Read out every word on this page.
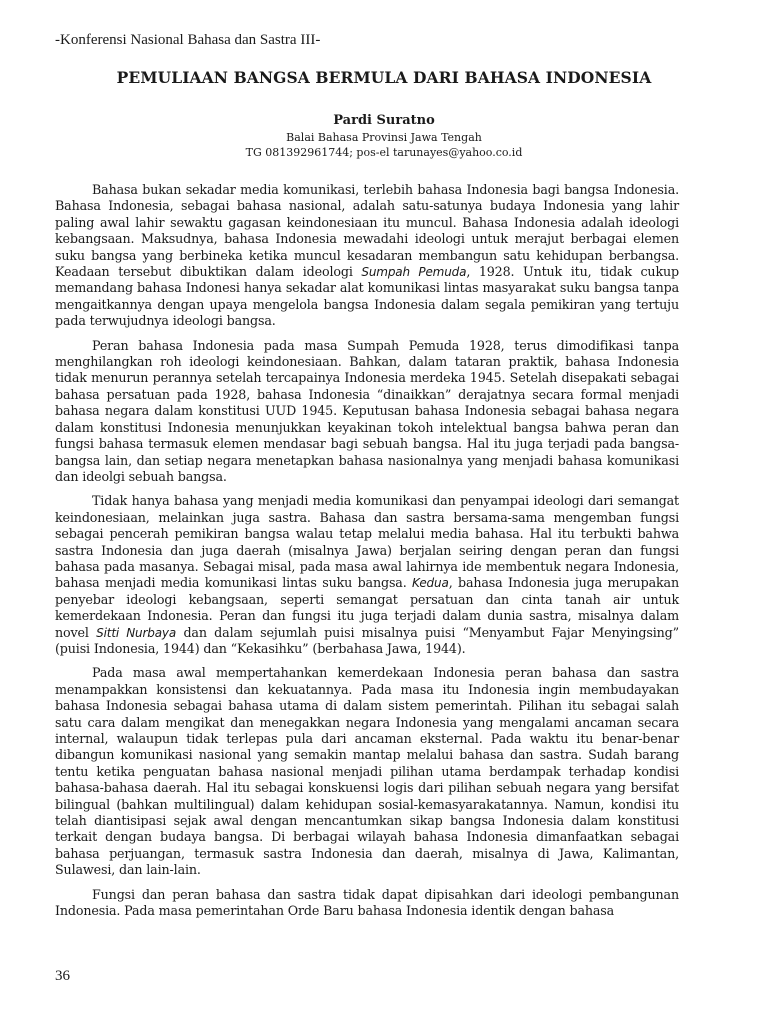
-Konferensi Nasional Bahasa dan Sastra III-
PEMULIAAN BANGSA BERMULA DARI BAHASA INDONESIA

Pardi Suratno

Balai Bahasa Provinsi Jawa Tengah

TG 081392961744; pos-el tarunayes@yahoo.co.id

Bahasa bukan sekadar media komunikasi, terlebih bahasa Indonesia bagi bangsa Indonesia. Bahasa Indonesia, sebagai bahasa nasional, adalah satu-satunya budaya Indonesia yang lahir paling awal lahir sewaktu gagasan keindonesiaan itu muncul. Bahasa Indonesia adalah ideologi kebangsaan. Maksudnya, bahasa Indonesia mewadahi ideologi untuk merajut berbagai elemen suku bangsa yang berbineka ketika muncul kesadaran membangun satu kehidupan berbangsa. Keadaan tersebut dibuktikan dalam ideologi Sumpah Pemuda, 1928. Untuk itu, tidak cukup memandang bahasa Indonesi hanya sekadar alat komunikasi lintas masyarakat suku bangsa tanpa mengaitkannya dengan upaya mengelola bangsa Indonesia dalam segala pemikiran yang tertuju pada terwujudnya ideologi bangsa.

Peran bahasa Indonesia pada masa Sumpah Pemuda 1928, terus dimodifikasi tanpa menghilangkan roh ideologi keindonesiaan. Bahkan, dalam tataran praktik, bahasa Indonesia tidak menurun perannya setelah tercapainya Indonesia merdeka 1945. Setelah disepakati sebagai bahasa persatuan pada 1928, bahasa Indonesia “dinaikkan” derajatnya secara formal menjadi bahasa negara dalam konstitusi UUD 1945. Keputusan bahasa Indonesia sebagai bahasa negara dalam konstitusi Indonesia menunjukkan keyakinan tokoh intelektual bangsa bahwa peran dan fungsi bahasa termasuk elemen mendasar bagi sebuah bangsa. Hal itu juga terjadi pada bangsa-bangsa lain, dan setiap negara menetapkan bahasa nasionalnya yang menjadi bahasa komunikasi dan ideolgi sebuah bangsa.

Tidak hanya bahasa yang menjadi media komunikasi dan penyampai ideologi dari semangat keindonesiaan, melainkan juga sastra. Bahasa dan sastra bersama-sama mengemban fungsi sebagai pencerah pemikiran bangsa walau tetap melalui media bahasa. Hal itu terbukti bahwa sastra Indonesia dan juga daerah (misalnya Jawa) berjalan seiring dengan peran dan fungsi bahasa pada masanya. Sebagai misal, pada masa awal lahirnya ide membentuk negara Indonesia, bahasa menjadi media komunikasi lintas suku bangsa. Kedua, bahasa Indonesia juga merupakan penyebar ideologi kebangsaan, seperti semangat persatuan dan cinta tanah air untuk kemerdekaan Indonesia. Peran dan fungsi itu juga terjadi dalam dunia sastra, misalnya dalam novel Sitti Nurbaya dan dalam sejumlah puisi misalnya puisi “Menyambut Fajar Menyingsing” (puisi Indonesia, 1944) dan “Kekasihku” (berbahasa Jawa, 1944).

Pada masa awal mempertahankan kemerdekaan Indonesia peran bahasa dan sastra menampakkan konsistensi dan kekuatannya. Pada masa itu Indonesia ingin membudayakan bahasa Indonesia sebagai bahasa utama di dalam sistem pemerintah. Pilihan itu sebagai salah satu cara dalam mengikat dan menegakkan negara Indonesia yang mengalami ancaman secara internal, walaupun tidak terlepas pula dari ancaman eksternal. Pada waktu itu benar-benar dibangun komunikasi nasional yang semakin mantap melalui bahasa dan sastra. Sudah barang tentu ketika penguatan bahasa nasional menjadi pilihan utama berdampak terhadap kondisi bahasa-bahasa daerah. Hal itu sebagai konskuensi logis dari pilihan sebuah negara yang bersifat bilingual (bahkan multilingual) dalam kehidupan sosial-kemasyarakatannya. Namun, kondisi itu telah diantisipasi sejak awal dengan mencantumkan sikap bangsa Indonesia dalam konstitusi terkait dengan budaya bangsa. Di berbagai wilayah bahasa Indonesia dimanfaatkan sebagai bahasa perjuangan, termasuk sastra Indonesia dan daerah, misalnya di Jawa, Kalimantan, Sulawesi, dan lain-lain.

Fungsi dan peran bahasa dan sastra tidak dapat dipisahkan dari ideologi pembangunan Indonesia. Pada masa pemerintahan Orde Baru bahasa Indonesia identik dengan bahasa

36
